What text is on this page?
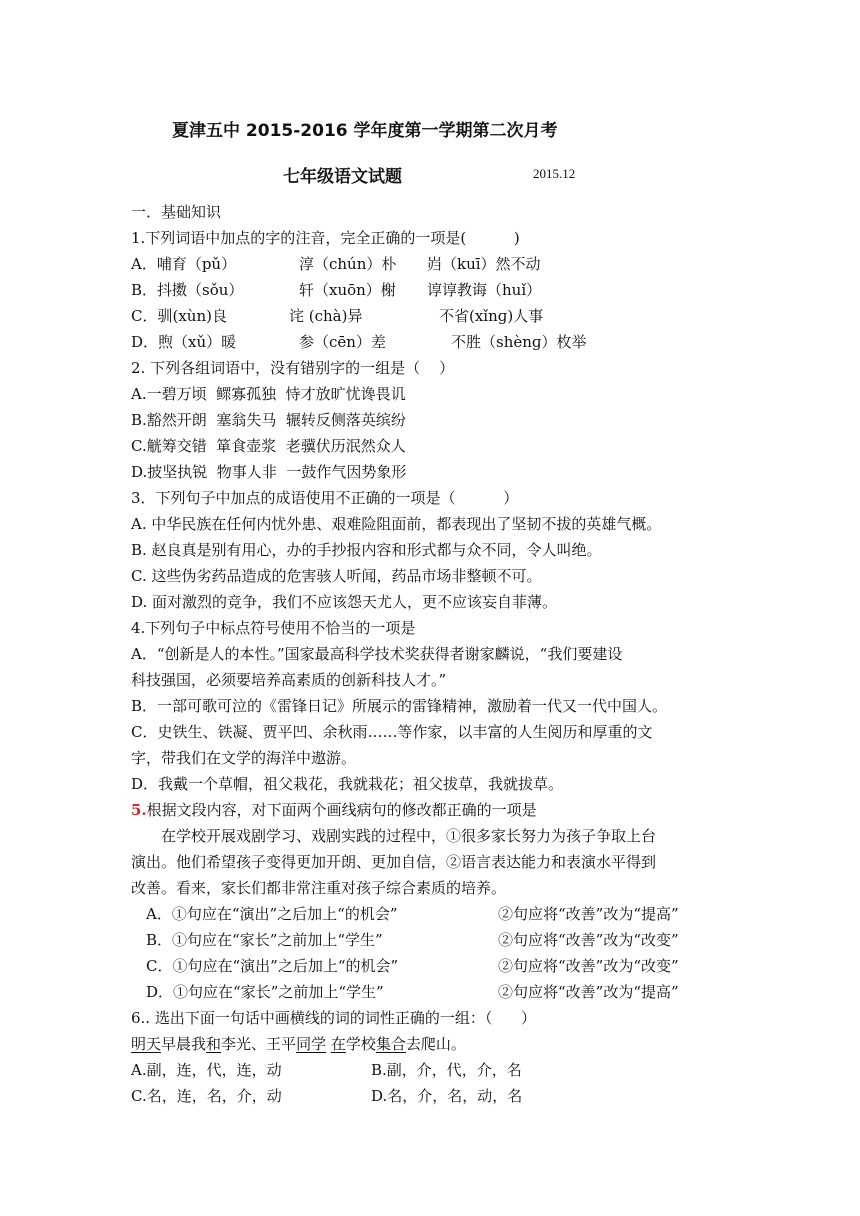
夏津五中 2015-2016 学年度第一学期第二次月考
七年级语文试题	2015.12
一．基础知识
1.下列词语中加点的字的注音，完全正确的一项是(          )
A．哺育（pǔ）	淳（chún）朴 岿（kuī）然不动
B．抖擞（sǒu）	轩（xuōn）榭 谆谆教诲（huǐ）
C．驯(xùn)良	诧 (chà)异	不省(xǐnɡ)人事
D．煦（xǔ）暖	参（cēn）差	不胜（shènɡ）枚举
2. 下列各组词语中，没有错别字的一组是（    ）
A.一碧万顷  鳏寡孤独  恃才放旷忧谗畏讥
B.豁然开朗  塞翁失马  辗转反侧落英缤纷
C.觥筹交错  箪食壶浆  老骥伏历泯然众人
D.披坚执锐  物事人非  一鼓作气因势象形
3．下列句子中加点的成语使用不正确的一项是（          ）
A. 中华民族在任何内忧外患、艰难险阻面前，都表现出了坚韧不拔的英雄气概。
B. 赵良真是别有用心，办的手抄报内容和形式都与众不同，令人叫绝。
C. 这些伪劣药品造成的危害骇人听闻，药品市场非整顿不可。
D. 面对激烈的竞争，我们不应该怨天尤人，更不应该妄自菲薄。
4.下列句子中标点符号使用不恰当的一项是
A．“创新是人的本性。”国家最高科学技术奖获得者谢家麟说，“我们要建设
科技强国，必须要培养高素质的创新科技人才。”
B．一部可歌可泣的《雷锋日记》所展示的雷锋精神，激励着一代又一代中国人。
C．史铁生、铁凝、贾平凹、余秋雨……等作家，以丰富的人生阅历和厚重的文
字，带我们在文学的海洋中遨游。
D．我戴一个草帽，祖父栽花，我就栽花；祖父拔草，我就拔草。
5.根据文段内容，对下面两个画线病句的修改都正确的一项是
在学校开展戏剧学习、戏剧实践的过程中，①很多家长努力为孩子争取上台
演出。他们希望孩子变得更加开朗、更加自信，②语言表达能力和表演水平得到
改善。看来，家长们都非常注重对孩子综合素质的培养。
A．①句应在“演出”之后加上“的机会”	②句应将“改善”改为“提高”
B．①句应在“家长”之前加上“学生”	②句应将“改善”改为“改变”
C．①句应在“演出”之后加上“的机会”	②句应将“改善”改为“改变”
D．①句应在“家长”之前加上“学生”	②句应将“改善”改为“提高”
6.. 选出下面一句话中画横线的词的词性正确的一组：（      ）
明天早晨我和李光、王平同学 在学校集合去爬山。
A.副，连，代，连，动	B.副，介，代，介，名
C.名，连，名，介，动	D.名，介，名，动，名
